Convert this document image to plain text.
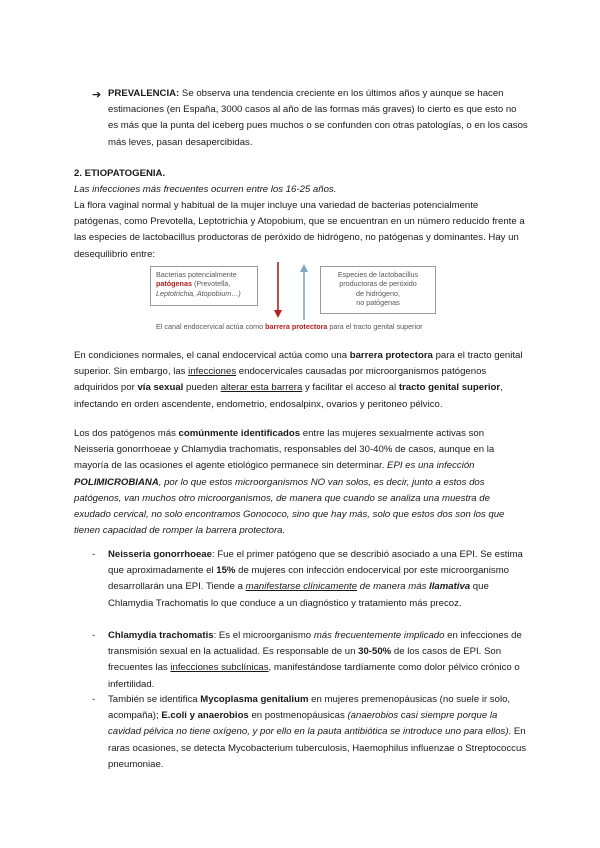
➔ PREVALENCIA: Se observa una tendencia creciente en los últimos años y aunque se hacen estimaciones (en España, 3000 casos al año de las formas más graves) lo cierto es que esto no es más que la punta del iceberg pues muchos o se confunden con otras patologías, o en los casos más leves, pasan desapercibidas.

2. ETIOPATOGENIA.

Las infecciones más frecuentes ocurren entre los 16-25 años.

La flora vaginal normal y habitual de la mujer incluye una variedad de bacterias potencialmente patógenas, como Prevotella, Leptotrichia y Atopobium, que se encuentran en un número reducido frente a las especies de lactobacillus productoras de peróxido de hidrógeno, no patógenas y dominantes. Hay un desequilibrio entre:

Bacterias potencialmente
patógenas (Prevotella,
Leptotrichia, Atopobium…)
Especies de lactobacillus
productoras de peróxido
de hidrógeno,
no patógenas
El canal endocervical actúa como barrera protectora para el tracto genital superior

En condiciones normales, el canal endocervical actúa como una barrera protectora para el tracto genital superior. Sin embargo, las infecciones endocervicales causadas por microorganismos patógenos adquiridos por vía sexual pueden alterar esta barrera y facilitar el acceso al tracto genital superior, infectando en orden ascendente, endometrio, endosalpinx, ovarios y peritoneo pélvico.

Los dos patógenos más comúnmente identificados entre las mujeres sexualmente activas son Neisseria gonorrhoeae y Chlamydia trachomatis, responsables del 30-40% de casos, aunque en la mayoría de las ocasiones el agente etiológico permanece sin determinar. EPI es una infección POLIMICROBIANA, por lo que estos microorganismos NO van solos, es decir, junto a estos dos patógenos, van muchos otro microorganismos, de manera que cuando se analiza una muestra de exudado cervical, no solo encontramos Gonococo, sino que hay más, solo que estos dos son los que tienen capacidad de romper la barrera protectora.

- Neisseria gonorrhoeae: Fue el primer patógeno que se describió asociado a una EPI. Se estima que aproximadamente el 15% de mujeres con infección endocervical por este microorganismo desarrollarán una EPI. Tiende a manifestarse clínicamente de manera más llamativa que Chlamydia Trachomatis lo que conduce a un diagnóstico y tratamiento más precoz.

- Chlamydia trachomatis: Es el microorganismo más frecuentemente implicado en infecciones de transmisión sexual en la actualidad. Es responsable de un 30-50% de los casos de EPI. Son frecuentes las infecciones subclínicas, manifestándose tardíamente como dolor pélvico crónico o infertilidad.

- También se identifica Mycoplasma genitalium en mujeres premenopáusicas (no suele ir solo, acompaña); E.coli y anaerobios en postmenopáusicas (anaerobios casi siempre porque la cavidad pélvica no tiene oxígeno, y por ello en la pauta antibiótica se introduce uno para ellos). En raras ocasiones, se detecta Mycobacterium tuberculosis, Haemophilus influenzae o Streptococcus pneumoniae.
